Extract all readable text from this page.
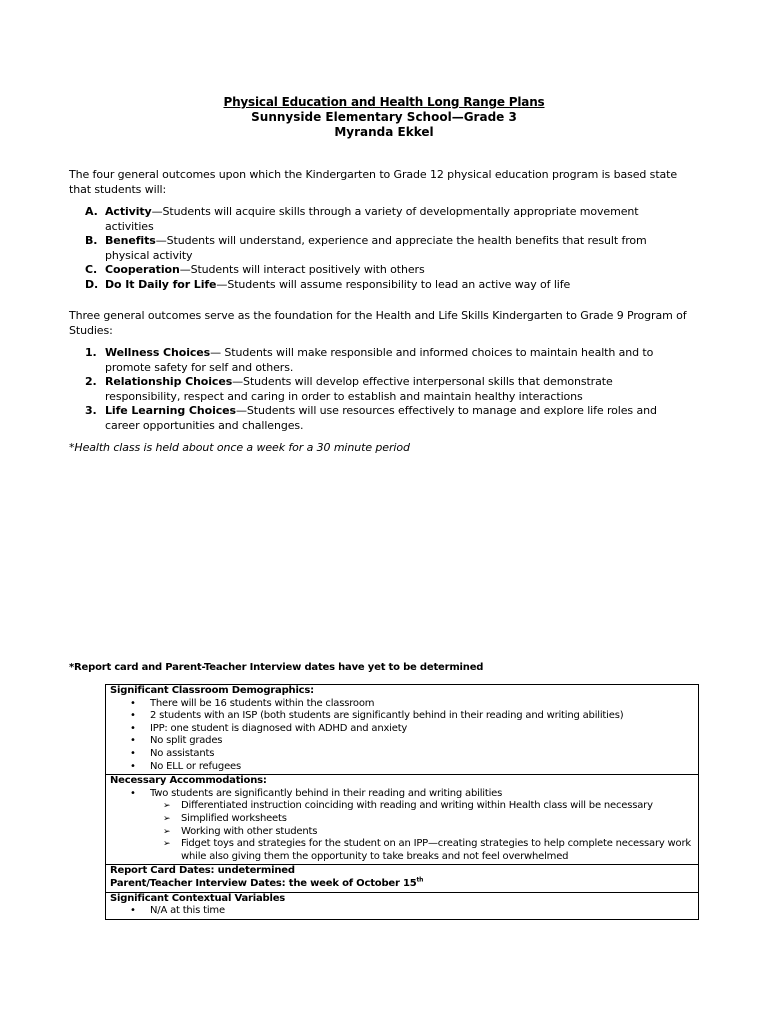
Physical Education and Health Long Range Plans
Sunnyside Elementary School—Grade 3
Myranda Ekkel
The four general outcomes upon which the Kindergarten to Grade 12 physical education program is based state that students will:
A. Activity—Students will acquire skills through a variety of developmentally appropriate movement activities
B. Benefits—Students will understand, experience and appreciate the health benefits that result from physical activity
C. Cooperation—Students will interact positively with others
D. Do It Daily for Life—Students will assume responsibility to lead an active way of life
Three general outcomes serve as the foundation for the Health and Life Skills Kindergarten to Grade 9 Program of Studies:
1. Wellness Choices— Students will make responsible and informed choices to maintain health and to promote safety for self and others.
2. Relationship Choices—Students will develop effective interpersonal skills that demonstrate responsibility, respect and caring in order to establish and maintain healthy interactions
3. Life Learning Choices—Students will use resources effectively to manage and explore life roles and career opportunities and challenges.
*Health class is held about once a week for a 30 minute period
*Report card and Parent-Teacher Interview dates have yet to be determined
Significant Classroom Demographics:
• There will be 16 students within the classroom
• 2 students with an ISP (both students are significantly behind in their reading and writing abilities)
• IPP: one student is diagnosed with ADHD and anxiety
• No split grades
• No assistants
• No ELL or refugees

Necessary Accommodations:
• Two students are significantly behind in their reading and writing abilities
➢ Differentiated instruction coinciding with reading and writing within Health class will be necessary
➢ Simplified worksheets
➢ Working with other students
➢ Fidget toys and strategies for the student on an IPP—creating strategies to help complete necessary work while also giving them the opportunity to take breaks and not feel overwhelmed

Report Card Dates: undetermined
Parent/Teacher Interview Dates: the week of October 15th

Significant Contextual Variables
• N/A at this time
